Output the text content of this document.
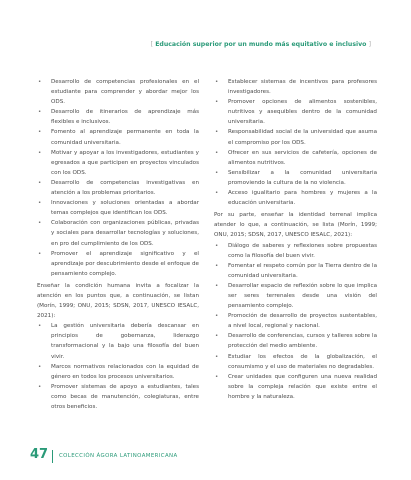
[ Educación superior por un mundo más equitativo e inclusivo ]
• Desarrollo de competencias profesionales en el estudiante para comprender y abordar mejor los ODS.
• Desarrollo de itinerarios de aprendizaje más flexibles e inclusivos.
• Fomento al aprendizaje permanente en toda la comunidad universitaria.
• Motivar y apoyar a los investigadores, estudiantes y egresados a que participen en proyectos vinculados con los ODS.
• Desarrollo de competencias investigativas en atención a los problemas prioritarios.
• Innovaciones y soluciones orientadas a abordar temas complejos que identifican los ODS.
• Colaboración con organizaciones públicas, privadas y sociales para desarrollar tecnologías y soluciones, en pro del cumplimiento de los ODS.
• Promover el aprendizaje significativo y el aprendizaje por descubrimiento desde el enfoque de pensamiento complejo.

Enseñar la condición humana invita a focalizar la atención en los puntos que, a continuación, se listan (Morín, 1999; ONU, 2015; SDSN, 2017, UNESCO IESALC, 2021):

• La gestión universitaria debería descansar en principios de gobernanza, liderazgo transformacional y la bajo una filosofía del buen vivir.
• Marcos normativos relacionados con la equidad de género en todos los procesos universitarios.
• Promover sistemas de apoyo a estudiantes, tales como becas de manutención, colegiaturas, entre otros beneficios.
• Establecer sistemas de incentivos para profesores investigadores.
• Promover opciones de alimentos sostenibles, nutritivos y asequibles dentro de la comunidad universitaria.
• Responsabilidad social de la universidad que asuma el compromiso por los ODS.
• Ofrecer en sus servicios de cafetería, opciones de alimentos nutritivos.
• Sensibilizar a la comunidad universitaria promoviendo la cultura de la no violencia.
• Acceso igualitario para hombres y mujeres a la educación universitaria.

Por su parte, enseñar la identidad terrenal implica atender lo que, a continuación, se lista (Morín, 1999; ONU, 2015; SDSN, 2017, UNESCO IESALC, 2021):

• Diálogo de saberes y reflexiones sobre propuestas como la filosofía del buen vivir.
• Fomentar el respeto común por la Tierra dentro de la comunidad universitaria.
• Desarrollar espacio de reflexión sobre lo que implica ser seres terrenales desde una visión del pensamiento complejo.
• Promoción de desarrollo de proyectos sustentables, a nivel local, regional y nacional.
• Desarrollo de conferencias, cursos y talleres sobre la protección del medio ambiente.
• Estudiar los efectos de la globalización, el consumismo y el uso de materiales no degradables.
• Crear unidades que configuren una nueva realidad sobre la compleja relación que existe entre el hombre y la naturaleza.
47 COLECCIÓN ÁGORA LATINOAMERICANA
